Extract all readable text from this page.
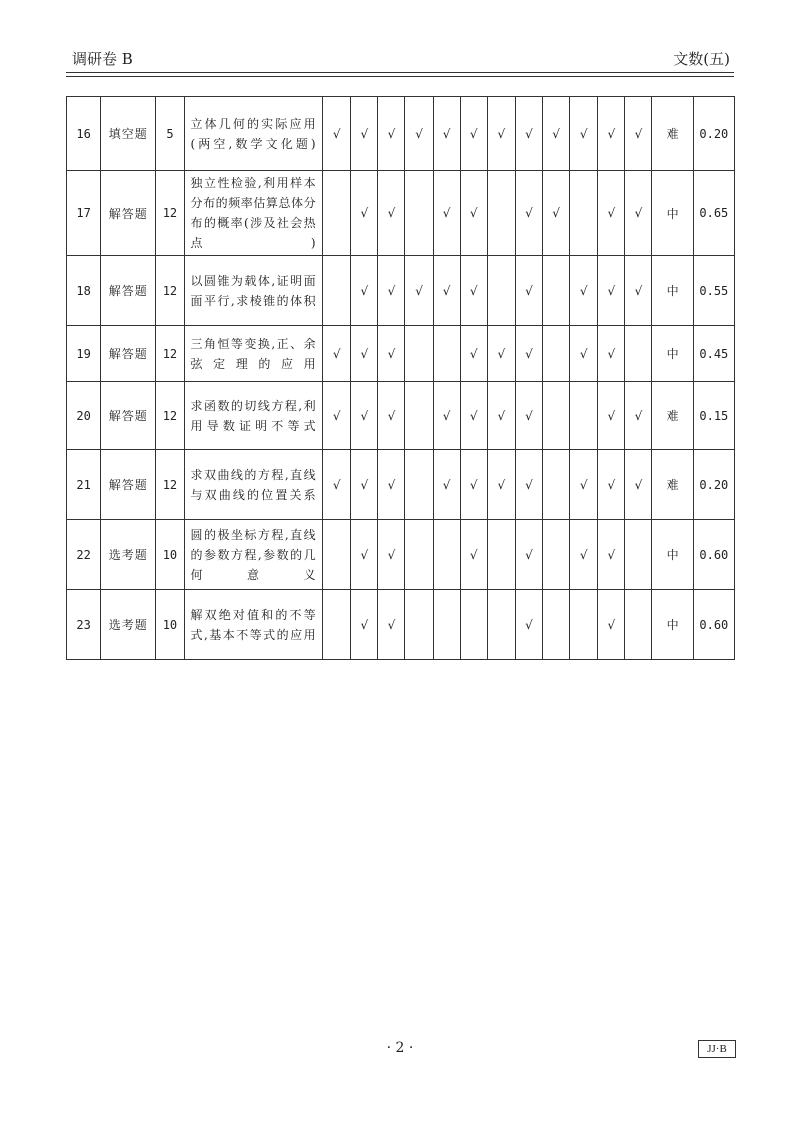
调研卷 B	文数(五)
16	填空题	5	立体几何的实际应用(两空,数学文化题)	√	√	√	√	√	√	√	√	√	√	√	√	难	0.20
17	解答题	12	独立性检验,利用样本分布的频率估算总体分布的概率(涉及社会热点)		√	√		√	√		√	√		√	√	中	0.65
18	解答题	12	以圆锥为载体,证明面面平行,求棱锥的体积		√	√	√	√	√		√		√	√	√	中	0.55
19	解答题	12	三角恒等变换,正、余弦定理的应用	√	√	√			√	√	√		√	√		中	0.45
20	解答题	12	求函数的切线方程,利用导数证明不等式	√	√	√		√	√	√	√			√	√	难	0.15
21	解答题	12	求双曲线的方程,直线与双曲线的位置关系	√	√	√		√	√	√	√		√	√	√	难	0.20
22	选考题	10	圆的极坐标方程,直线的参数方程,参数的几何意义		√	√			√		√		√	√		中	0.60
23	选考题	10	解双绝对值和的不等式,基本不等式的应用		√	√					√			√		中	0.60
· 2 ·	JJ·B
